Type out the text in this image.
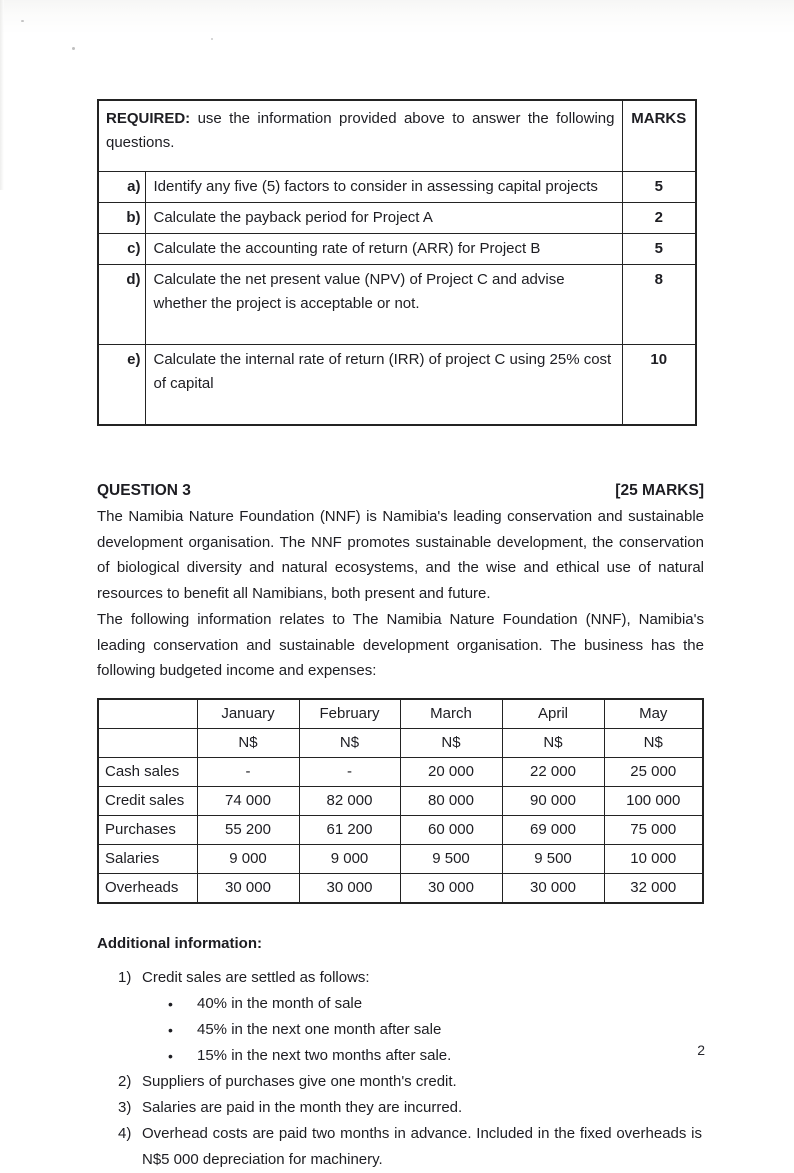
REQUIRED: use the information provided above to answer the following questions.		MARKS
a)	Identify any five (5) factors to consider in assessing capital projects	5
b)	Calculate the payback period for Project A	2
c)	Calculate the accounting rate of return (ARR) for Project B	5
d)	Calculate the net present value (NPV) of Project C and advise whether the project is acceptable or not.	8
e)	Calculate the internal rate of return (IRR) of project C using 25% cost of capital	10
QUESTION 3	[25 MARKS]

The Namibia Nature Foundation (NNF) is Namibia's leading conservation and sustainable development organisation. The NNF promotes sustainable development, the conservation of biological diversity and natural ecosystems, and the wise and ethical use of natural resources to benefit all Namibians, both present and future.

The following information relates to The Namibia Nature Foundation (NNF), Namibia's leading conservation and sustainable development organisation. The business has the following budgeted income and expenses:

	January	February	March	April	May
	N$	N$	N$	N$	N$
Cash sales	-	-	20 000	22 000	25 000
Credit sales	74 000	82 000	80 000	90 000	100 000
Purchases	55 200	61 200	60 000	69 000	75 000
Salaries	9 000	9 000	9 500	9 500	10 000
Overheads	30 000	30 000	30 000	30 000	32 000
Additional information:
1) Credit sales are settled as follows:
•	40% in the month of sale
•	45% in the next one month after sale
•	15% in the next two months after sale.
2) Suppliers of purchases give one month's credit.
3) Salaries are paid in the month they are incurred.
4) Overhead costs are paid two months in advance. Included in the fixed overheads is N$5 000 depreciation for machinery.
2
